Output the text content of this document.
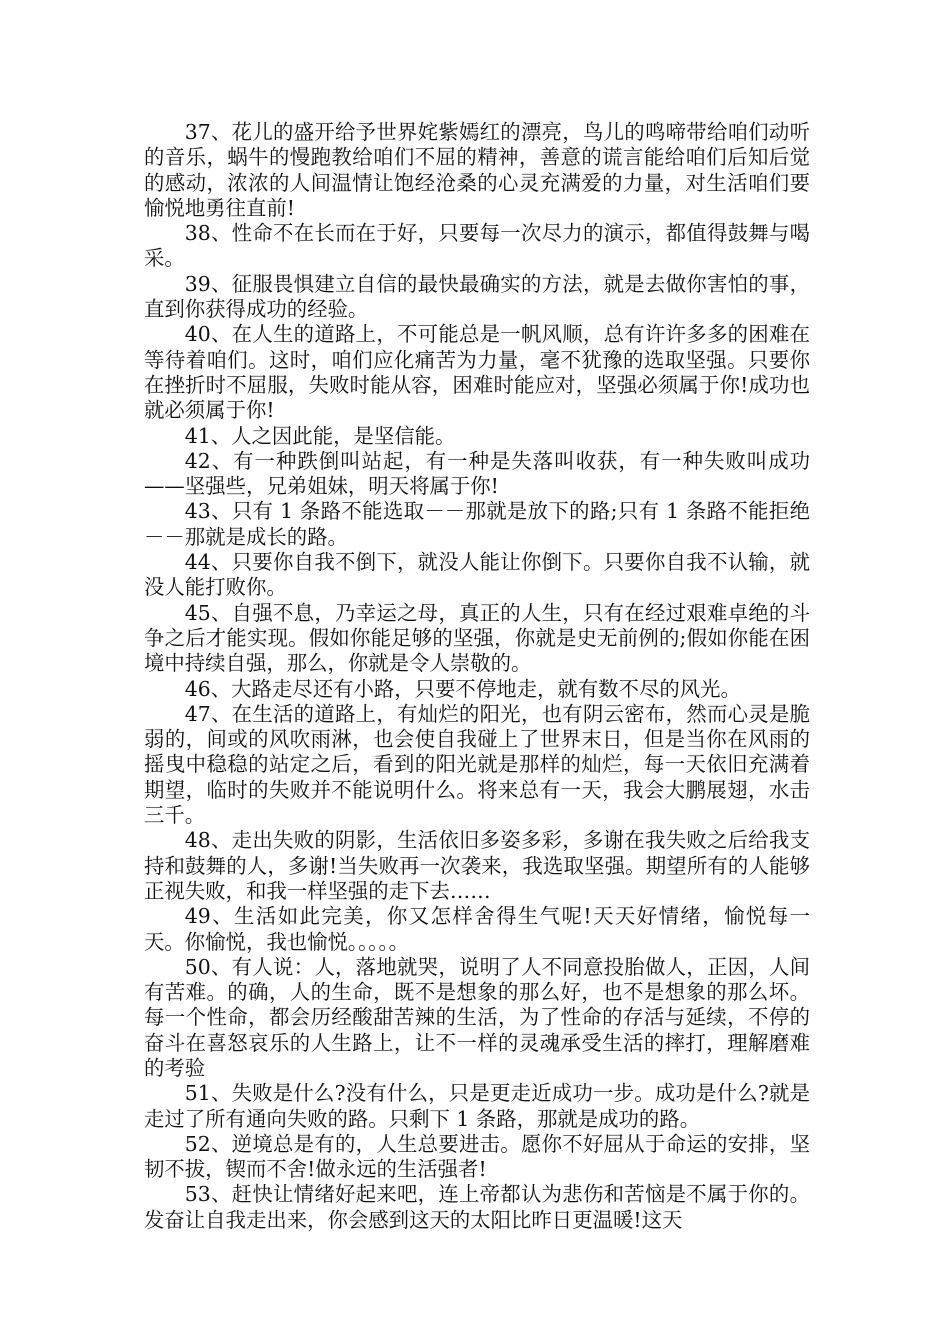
37、花儿的盛开给予世界姹紫嫣红的漂亮，鸟儿的鸣啼带给咱们动听的音乐，蜗牛的慢跑教给咱们不屈的精神，善意的谎言能给咱们后知后觉的感动，浓浓的人间温情让饱经沧桑的心灵充满爱的力量，对生活咱们要愉悦地勇往直前!

38、性命不在长而在于好，只要每一次尽力的演示，都值得鼓舞与喝采。

39、征服畏惧建立自信的最快最确实的方法，就是去做你害怕的事，直到你获得成功的经验。

40、在人生的道路上，不可能总是一帆风顺，总有许许多多的困难在等待着咱们。这时，咱们应化痛苦为力量，毫不犹豫的选取坚强。只要你在挫折时不屈服，失败时能从容，困难时能应对，坚强必须属于你!成功也就必须属于你!

41、人之因此能，是坚信能。

42、有一种跌倒叫站起，有一种是失落叫收获，有一种失败叫成功——坚强些，兄弟姐妹，明天将属于你!

43、只有 1 条路不能选取－－那就是放下的路;只有 1 条路不能拒绝－－那就是成长的路。

44、只要你自我不倒下，就没人能让你倒下。只要你自我不认输，就没人能打败你。

45、自强不息，乃幸运之母，真正的人生，只有在经过艰难卓绝的斗争之后才能实现。假如你能足够的坚强，你就是史无前例的;假如你能在困境中持续自强，那么，你就是令人崇敬的。

46、大路走尽还有小路，只要不停地走，就有数不尽的风光。

47、在生活的道路上，有灿烂的阳光，也有阴云密布，然而心灵是脆弱的，间或的风吹雨淋，也会使自我碰上了世界末日，但是当你在风雨的摇曳中稳稳的站定之后，看到的阳光就是那样的灿烂，每一天依旧充满着期望，临时的失败并不能说明什么。将来总有一天，我会大鹏展翅，水击三千。

48、走出失败的阴影，生活依旧多姿多彩，多谢在我失败之后给我支持和鼓舞的人，多谢!当失败再一次袭来，我选取坚强。期望所有的人能够正视失败，和我一样坚强的走下去……

49、生活如此完美，你又怎样舍得生气呢!天天好情绪，愉悦每一天。你愉悦，我也愉悦。。。。。

50、有人说：人，落地就哭，说明了人不同意投胎做人，正因，人间有苦难。的确，人的生命，既不是想象的那么好，也不是想象的那么坏。每一个性命，都会历经酸甜苦辣的生活，为了性命的存活与延续，不停的奋斗在喜怒哀乐的人生路上，让不一样的灵魂承受生活的摔打，理解磨难的考验

51、失败是什么?没有什么，只是更走近成功一步。成功是什么?就是走过了所有通向失败的路。只剩下 1 条路，那就是成功的路。

52、逆境总是有的，人生总要进击。愿你不好屈从于命运的安排，坚韧不拔，锲而不舍!做永远的生活强者!

53、赶快让情绪好起来吧，连上帝都认为悲伤和苦恼是不属于你的。发奋让自我走出来，你会感到这天的太阳比昨日更温暖!这天
